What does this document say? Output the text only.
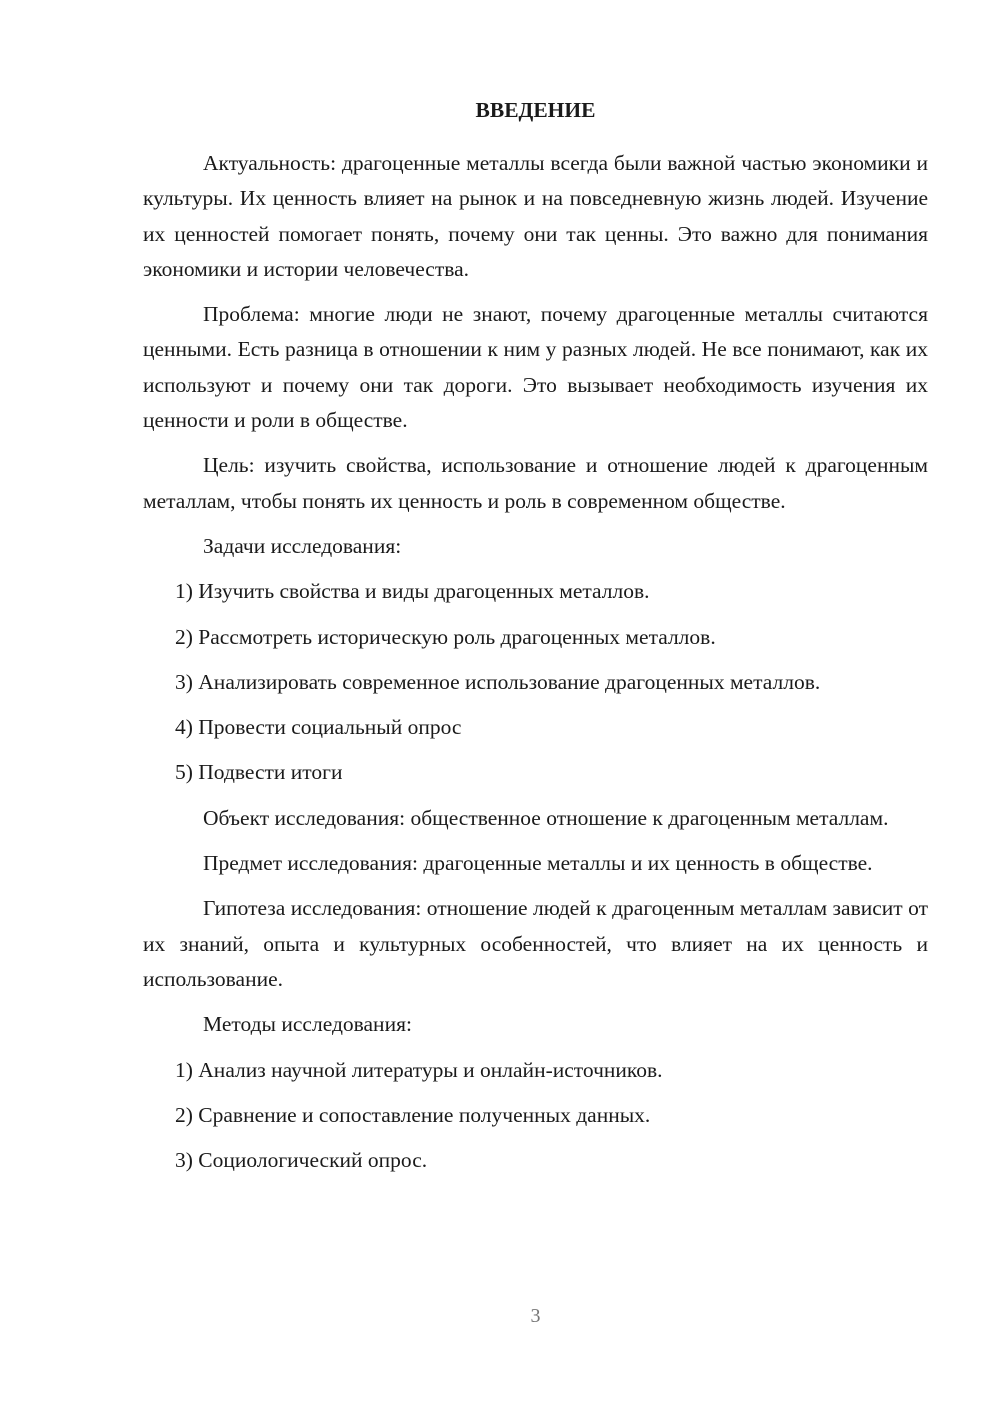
ВВЕДЕНИЕ

Актуальность: драгоценные металлы всегда были важной частью экономики и культуры. Их ценность влияет на рынок и на повседневную жизнь людей. Изучение их ценностей помогает понять, почему они так ценны. Это важно для понимания экономики и истории человечества.

Проблема: многие люди не знают, почему драгоценные металлы считаются ценными. Есть разница в отношении к ним у разных людей. Не все понимают, как их используют и почему они так дороги. Это вызывает необходимость изучения их ценности и роли в обществе.

Цель: изучить свойства, использование и отношение людей к драгоценным металлам, чтобы понять их ценность и роль в современном обществе.

Задачи исследования:

1) Изучить свойства и виды драгоценных металлов.

2) Рассмотреть историческую роль драгоценных металлов.

3) Анализировать современное использование драгоценных металлов.

4) Провести социальный опрос

5) Подвести итоги

Объект исследования: общественное отношение к драгоценным металлам.

Предмет исследования: драгоценные металлы и их ценность в обществе.

Гипотеза исследования: отношение людей к драгоценным металлам зависит от их знаний, опыта и культурных особенностей, что влияет на их ценность и использование.

Методы исследования:

1) Анализ научной литературы и онлайн-источников.

2) Сравнение и сопоставление полученных данных.

3) Социологический опрос.

3
